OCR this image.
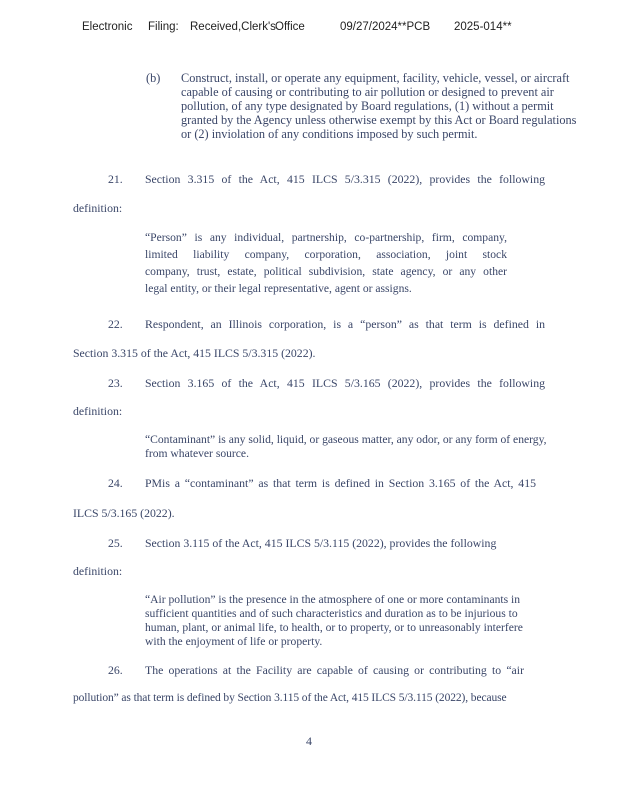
Electronic Filing: Received,Clerk's Office	09/27/2024**PCB 2025-014**
(b) Construct, install, or operate any equipment, facility, vehicle, vessel, or aircraft capable of causing or contributing to air pollution or designed to prevent air pollution, of any type designated by Board regulations, (1) without a permit granted by the Agency unless otherwise exempt by this Act or Board regulations or (2) inviolation of any conditions imposed by such permit.
21. Section 3.315 of the Act, 415 ILCS 5/3.315 (2022), provides the following
definition:

“Person” is any individual, partnership, co-partnership, firm, company,

limited liability company, corporation, association, joint stock

company, trust, estate, political subdivision, state agency, or any other

legal entity, or their legal representative, agent or assigns.

22. Respondent, an Illinois corporation, is a “person” as that term is defined in
Section 3.315 of the Act, 415 ILCS 5/3.315 (2022).
23. Section 3.165 of the Act, 415 ILCS 5/3.165 (2022), provides the following
definition:

“Contaminant” is any solid, liquid, or gaseous matter, any odor, or any form of energy, from whatever source.

24. PMis a “contaminant” as that term is defined in Section 3.165 of the Act, 415
ILCS 5/3.165 (2022).
25. Section 3.115 of the Act, 415 ILCS 5/3.115 (2022), provides the following
definition:

“Air pollution” is the presence in the atmosphere of one or more contaminants in sufficient quantities and of such characteristics and duration as to be injurious to human, plant, or animal life, to health, or to property, or to unreasonably interfere with the enjoyment of life or property.

26. The operations at the Facility are capable of causing or contributing to “air
pollution” as that term is defined by Section 3.115 of the Act, 415 ILCS 5/3.115 (2022), because
4
